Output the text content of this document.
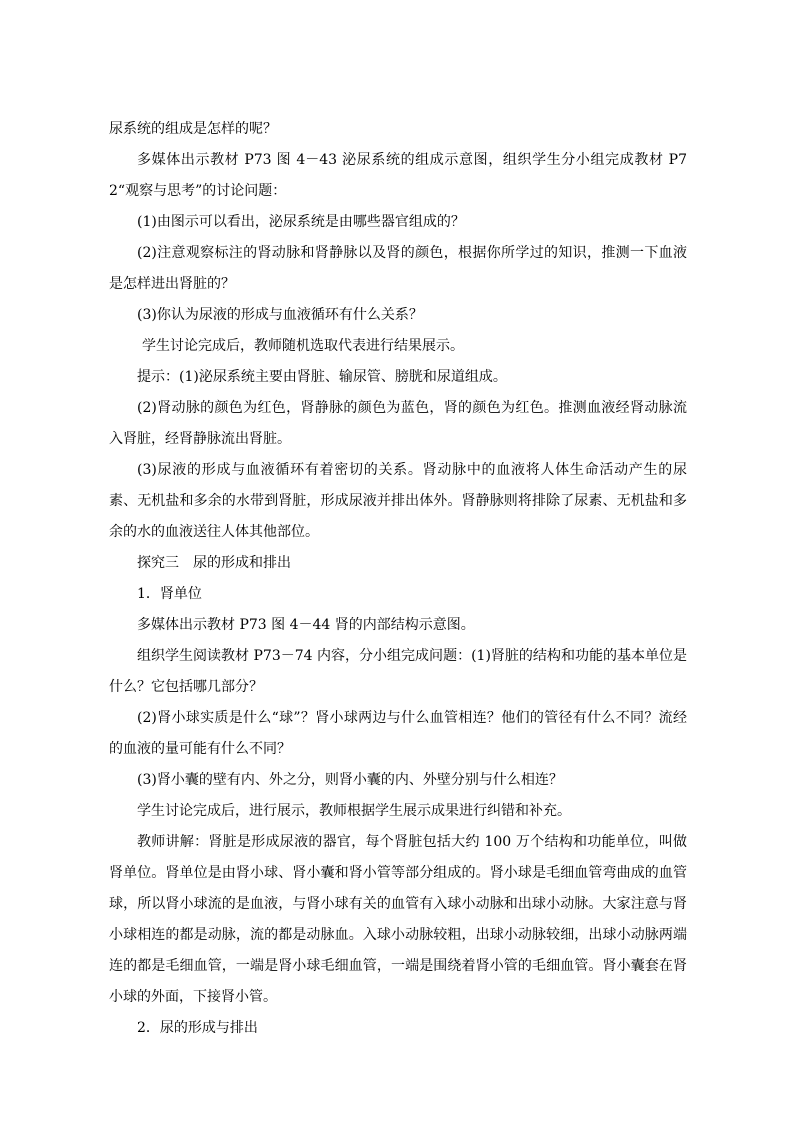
尿系统的组成是怎样的呢？

多媒体出示教材 P73 图 4－43 泌尿系统的组成示意图，组织学生分小组完成教材 P72“观察与思考”的讨论问题：

(1)由图示可以看出，泌尿系统是由哪些器官组成的？

(2)注意观察标注的肾动脉和肾静脉以及肾的颜色，根据你所学过的知识，推测一下血液是怎样进出肾脏的？

(3)你认为尿液的形成与血液循环有什么关系？

学生讨论完成后，教师随机选取代表进行结果展示。

提示：(1)泌尿系统主要由肾脏、输尿管、膀胱和尿道组成。

(2)肾动脉的颜色为红色，肾静脉的颜色为蓝色，肾的颜色为红色。推测血液经肾动脉流入肾脏，经肾静脉流出肾脏。

(3)尿液的形成与血液循环有着密切的关系。肾动脉中的血液将人体生命活动产生的尿素、无机盐和多余的水带到肾脏，形成尿液并排出体外。肾静脉则将排除了尿素、无机盐和多余的水的血液送往人体其他部位。

探究三　尿的形成和排出

1．肾单位

多媒体出示教材 P73 图 4－44 肾的内部结构示意图。

组织学生阅读教材 P73－74 内容，分小组完成问题：(1)肾脏的结构和功能的基本单位是什么？它包括哪几部分？

(2)肾小球实质是什么“球”？肾小球两边与什么血管相连？他们的管径有什么不同？流经的血液的量可能有什么不同？

(3)肾小囊的壁有内、外之分，则肾小囊的内、外壁分别与什么相连？

学生讨论完成后，进行展示，教师根据学生展示成果进行纠错和补充。

教师讲解：肾脏是形成尿液的器官，每个肾脏包括大约 100 万个结构和功能单位，叫做肾单位。肾单位是由肾小球、肾小囊和肾小管等部分组成的。肾小球是毛细血管弯曲成的血管球，所以肾小球流的是血液，与肾小球有关的血管有入球小动脉和出球小动脉。大家注意与肾小球相连的都是动脉，流的都是动脉血。入球小动脉较粗，出球小动脉较细，出球小动脉两端连的都是毛细血管，一端是肾小球毛细血管，一端是围绕着肾小管的毛细血管。肾小囊套在肾小球的外面，下接肾小管。

2．尿的形成与排出
